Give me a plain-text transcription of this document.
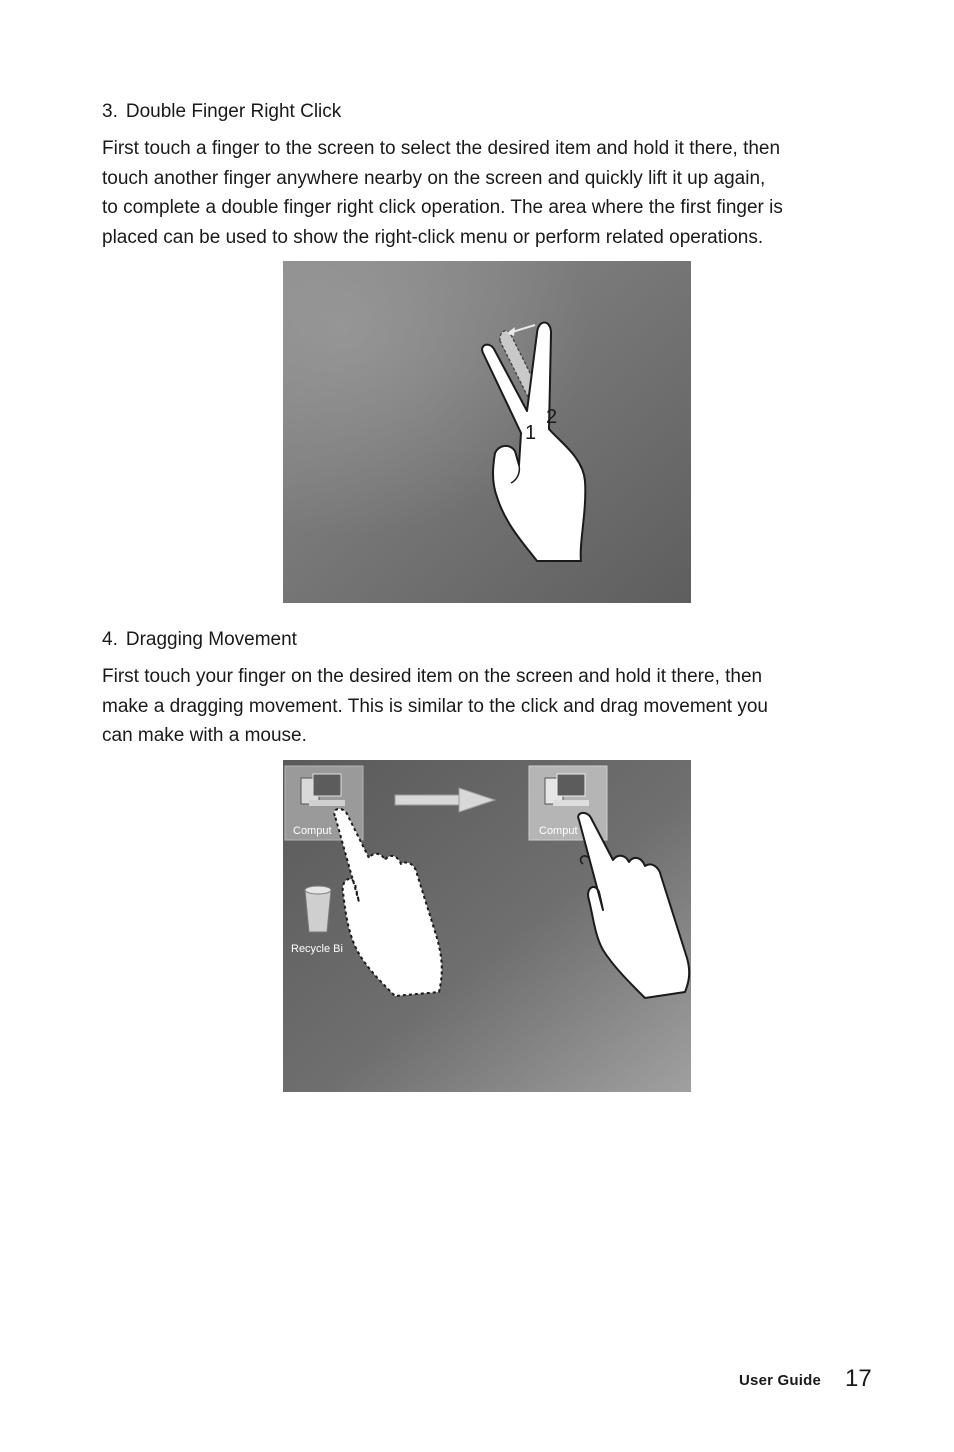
3. Double Finger Right Click
First touch a finger to the screen to select the desired item and hold it there, then
touch another finger anywhere nearby on the screen and quickly lift it up again,
to complete a double finger right click operation. The area where the first finger is
placed can be used to show the right-click menu or perform related operations.
1
2
4. Dragging Movement
First touch your finger on the desired item on the screen and hold it there, then
make a dragging movement. This is similar to the click and drag movement you
can make with a mouse.
Comput
Recycle Bi
Comput
User Guide 17
